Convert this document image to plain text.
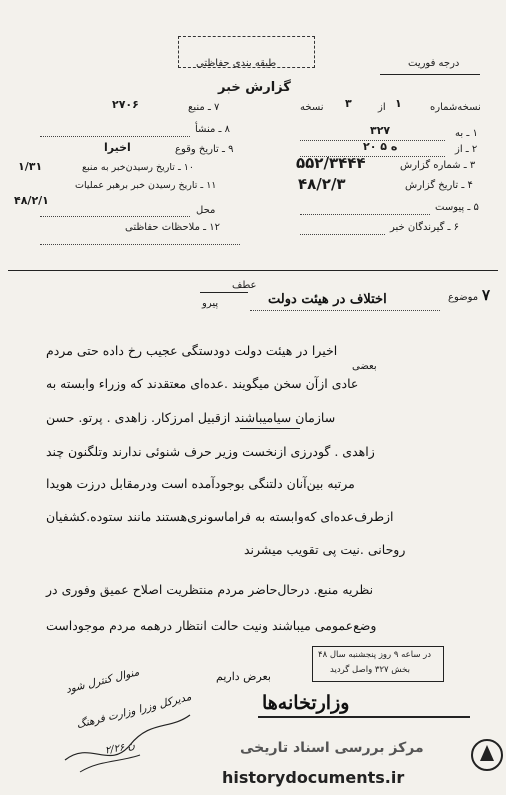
طبقه بندی حفاظتی	درجه فوریت
گزارش خبر
نسخه‌شماره
۱
از
۳
نسخه
۱ ـ به
۳۲۷
۲ ـ از
۲۰ ه ۵
۳ ـ شماره گزارش
۵۵۲/۳۴۴۴
۴ ـ تاریخ گزارش
۴۸/۲/۳
۵ ـ پیوست
۶ ـ گیرندگان خبر
۷ ـ منبع
۲۷۰۶
۸ ـ منشأ
۹ ـ تاریخ وقوع
اخیرا
۱۰ ـ تاریخ رسیدن‌خبر به منبع
۱/۳۱
۱۱ ـ تاریخ رسیدن خبر برهبر عملیات
۴۸/۲/۱
محل
۱۲ ـ ملاحظات حفاظتی
۷
موضوع
اختلاف در هیئت دولت
عطف
پیرو
اخیرا در هیئت دولت دودستگی عجیب رخ داده حتی مردم
بعضی
عادی ازآن سخن میگویند .عده‌ای معتقدند که وزراء وابسته به
سازمان سیامیباشند ازقبیل امرزکار. زاهدی . پرتو. حسن
زاهدی . گودرزی ازنخست وزیر حرف شنوئی ندارند وتلگنون چند
مرتبه بین‌آنان دلتنگی بوجودآمده است ودرمقابل درزت هویدا
ازطرف‌عده‌ای که‌وابسته به فراماسونری‌هستند مانند ستوده.کشفیان
روحانی .نیت پی تقویب میشرند
نظریه منبع. درحال‌حاضر مردم منتظریت اصلاح عمیق وفوری در
وضع‌عمومی میباشند ونیت حالت انتظار درهمه مردم موجوداست
در ساعه ۹ روز پنجشنبه سال ۴۸
بخش ۳۲۷ واصل گردید
بعرض داریم
وزارتخانه‌ها
منوال کنترل شود
مدیرکل وزرا وزارت فرهنگ
ن ۲/۲۶	مرکز بررسی اسناد تاریخی
historydocuments.ir
